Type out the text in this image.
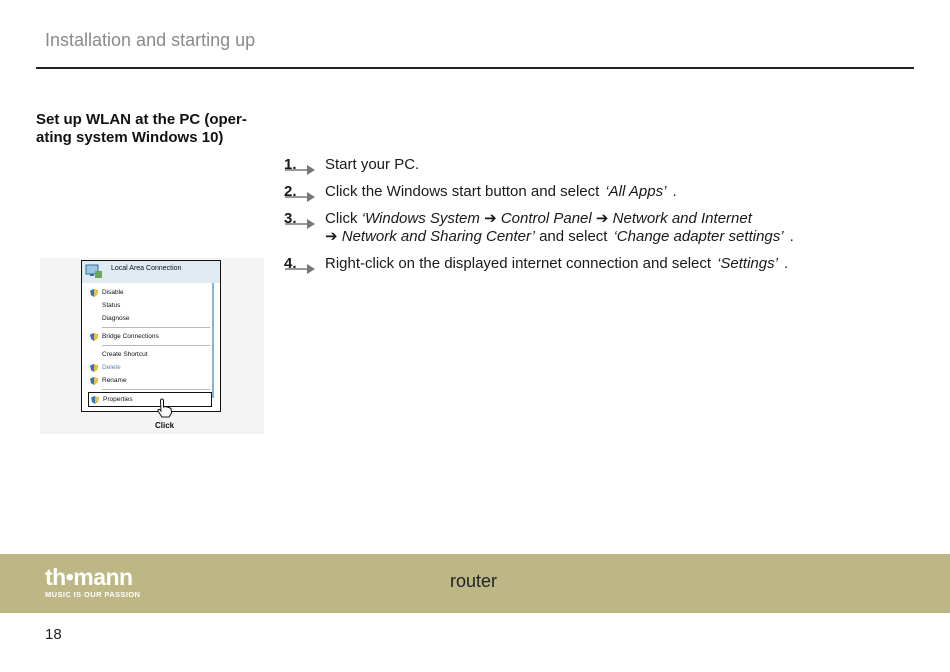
Installation and starting up
Set up WLAN at the PC (oper-
ating system Windows 10)
1. Start your PC.
2. Click the Windows start button and select ‘All Apps’ .
3. Click ‘Windows System ➔ Control Panel ➔ Network and Internet
➔ Network and Sharing Center’ and select ‘Change adapter settings’ .
4. Right-click on the displayed internet connection and select ‘Settings’ .
Local Area Connection
Disable
Status
Diagnose
Bridge Connections
Create Shortcut
Delete
Rename
Properties
Click
th•mann
MUSIC IS OUR PASSION
router
18
